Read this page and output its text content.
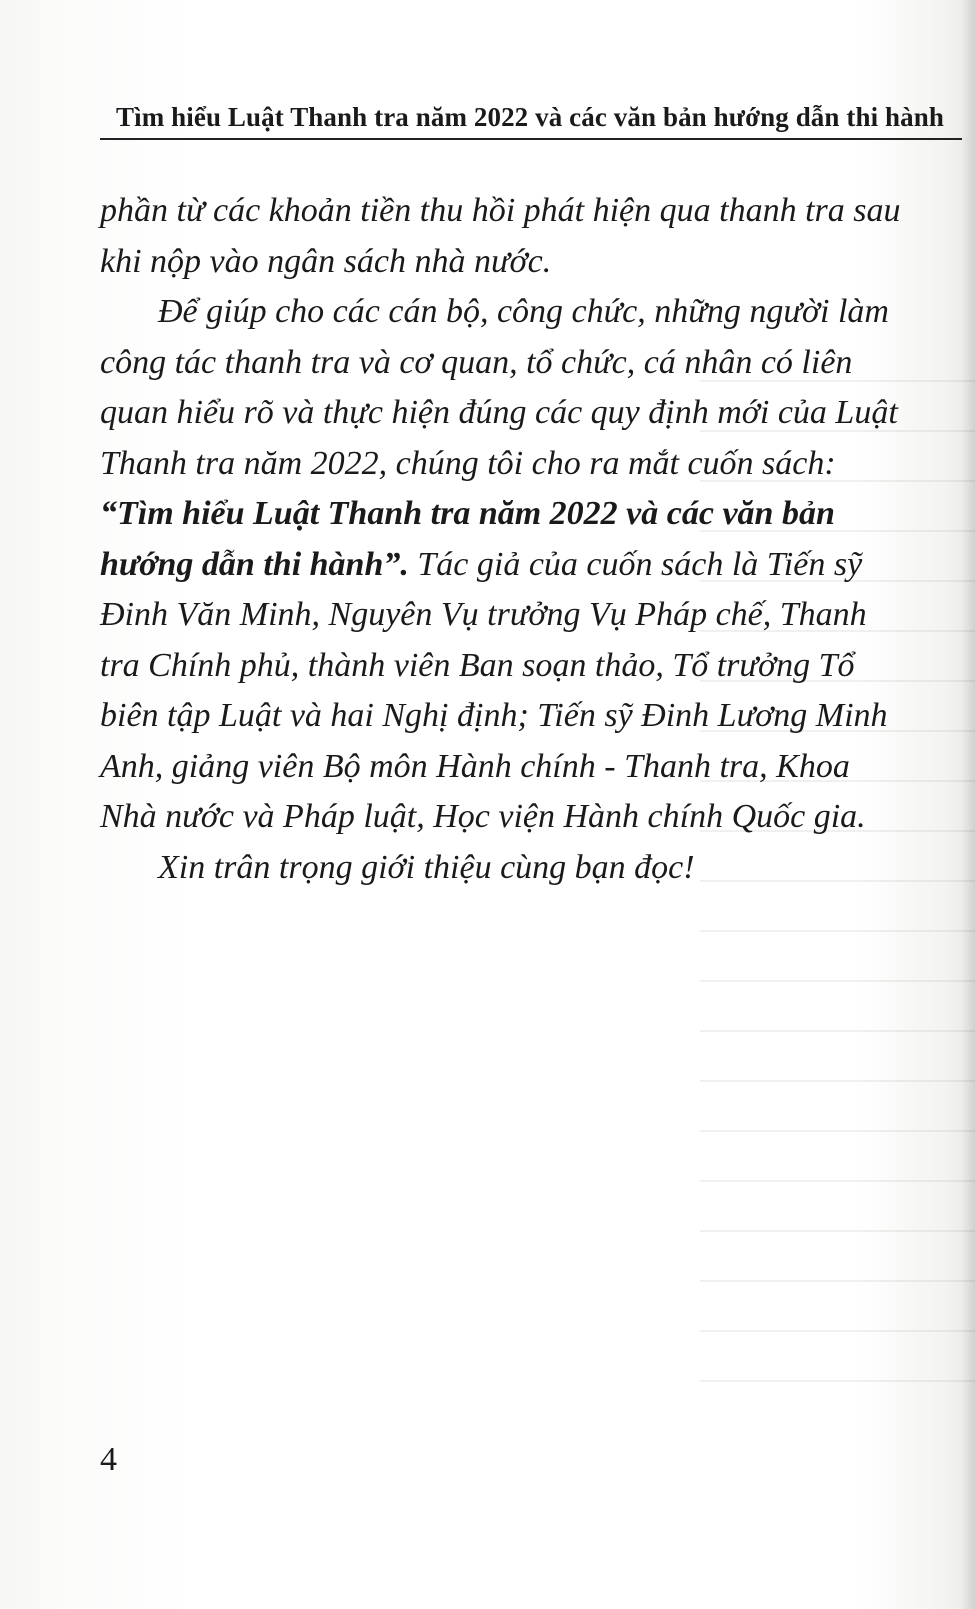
Tìm hiểu Luật Thanh tra năm 2022 và các văn bản hướng dẫn thi hành

phần từ các khoản tiền thu hồi phát hiện qua thanh tra sau
khi nộp vào ngân sách nhà nước.

Để giúp cho các cán bộ, công chức, những người làm
công tác thanh tra và cơ quan, tổ chức, cá nhân có liên
quan hiểu rõ và thực hiện đúng các quy định mới của Luật
Thanh tra năm 2022, chúng tôi cho ra mắt cuốn sách:
“Tìm hiểu Luật Thanh tra năm 2022 và các văn bản
hướng dẫn thi hành”. Tác giả của cuốn sách là Tiến sỹ
Đinh Văn Minh, Nguyên Vụ trưởng Vụ Pháp chế, Thanh
tra Chính phủ, thành viên Ban soạn thảo, Tổ trưởng Tổ
biên tập Luật và hai Nghị định; Tiến sỹ Đinh Lương Minh
Anh, giảng viên Bộ môn Hành chính - Thanh tra, Khoa
Nhà nước và Pháp luật, Học viện Hành chính Quốc gia.

Xin trân trọng giới thiệu cùng bạn đọc!

4
